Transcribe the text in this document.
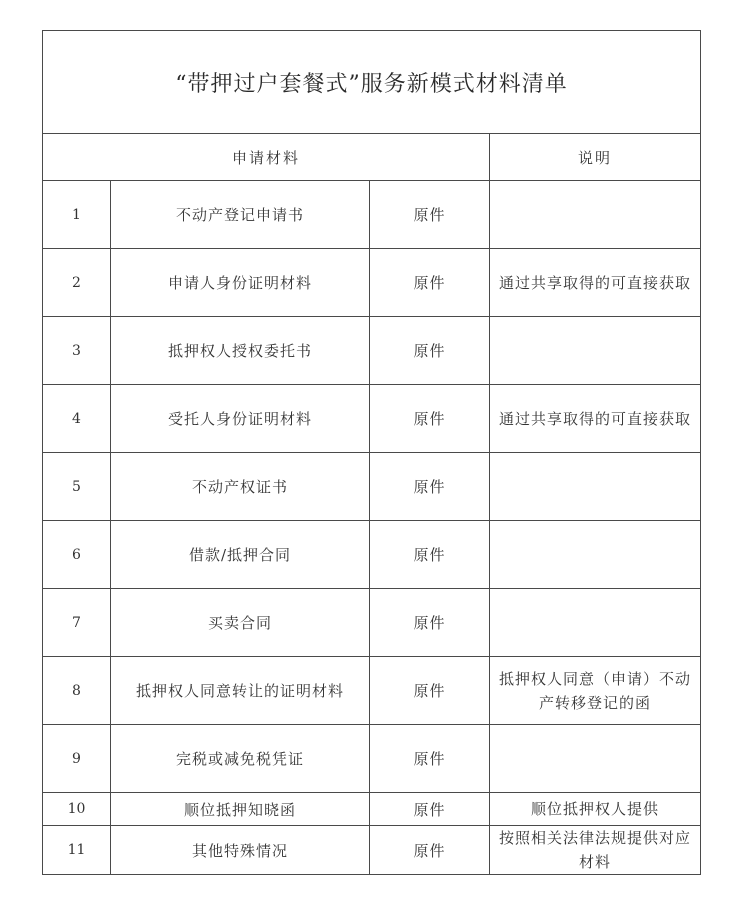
“带押过户套餐式”服务新模式材料清单			
申请材料			说明
1	不动产登记申请书	原件	
2	申请人身份证明材料	原件	通过共享取得的可直接获取
3	抵押权人授权委托书	原件	
4	受托人身份证明材料	原件	通过共享取得的可直接获取
5	不动产权证书	原件	
6	借款/抵押合同	原件	
7	买卖合同	原件	
8	抵押权人同意转让的证明材料	原件	抵押权人同意（申请）不动产转移登记的函
9	完税或减免税凭证	原件	
10	顺位抵押知晓函	原件	顺位抵押权人提供
11	其他特殊情况	原件	按照相关法律法规提供对应材料
